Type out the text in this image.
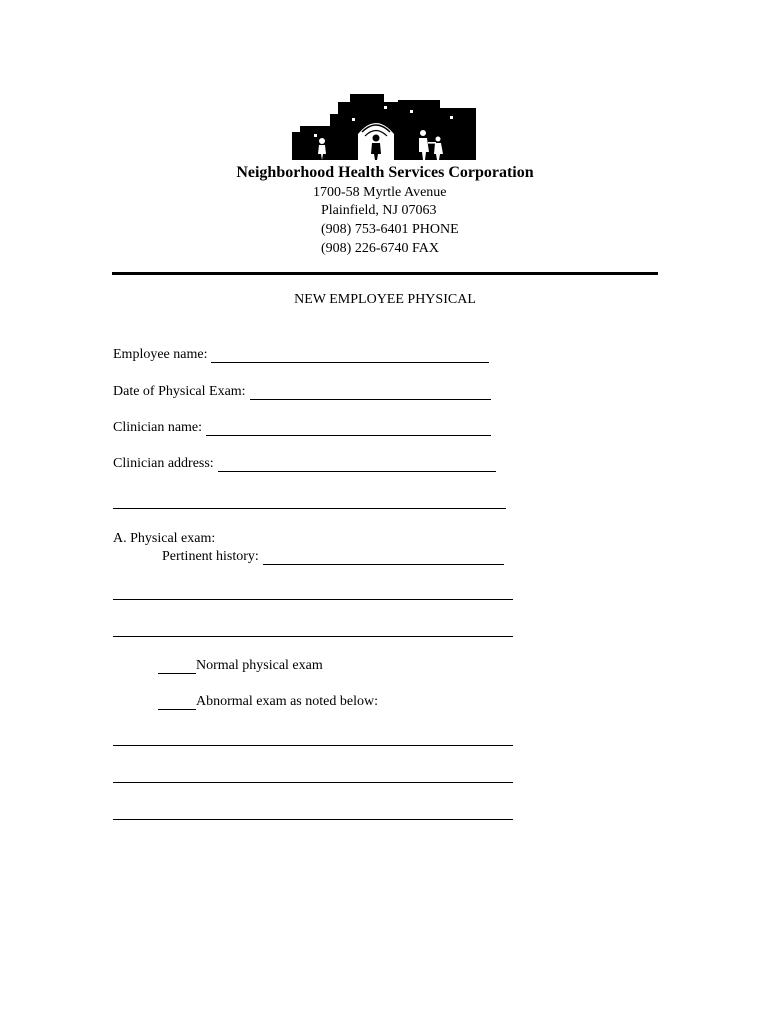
Neighborhood Health Services Corporation
1700-58 Myrtle Avenue
Plainfield, NJ 07063
(908) 753-6401 PHONE
(908) 226-6740 FAX
NEW EMPLOYEE PHYSICAL
Employee name:
Date of Physical Exam:
Clinician name:
Clinician address:
A. Physical exam:
Pertinent history:
Normal physical exam
Abnormal exam as noted below:
